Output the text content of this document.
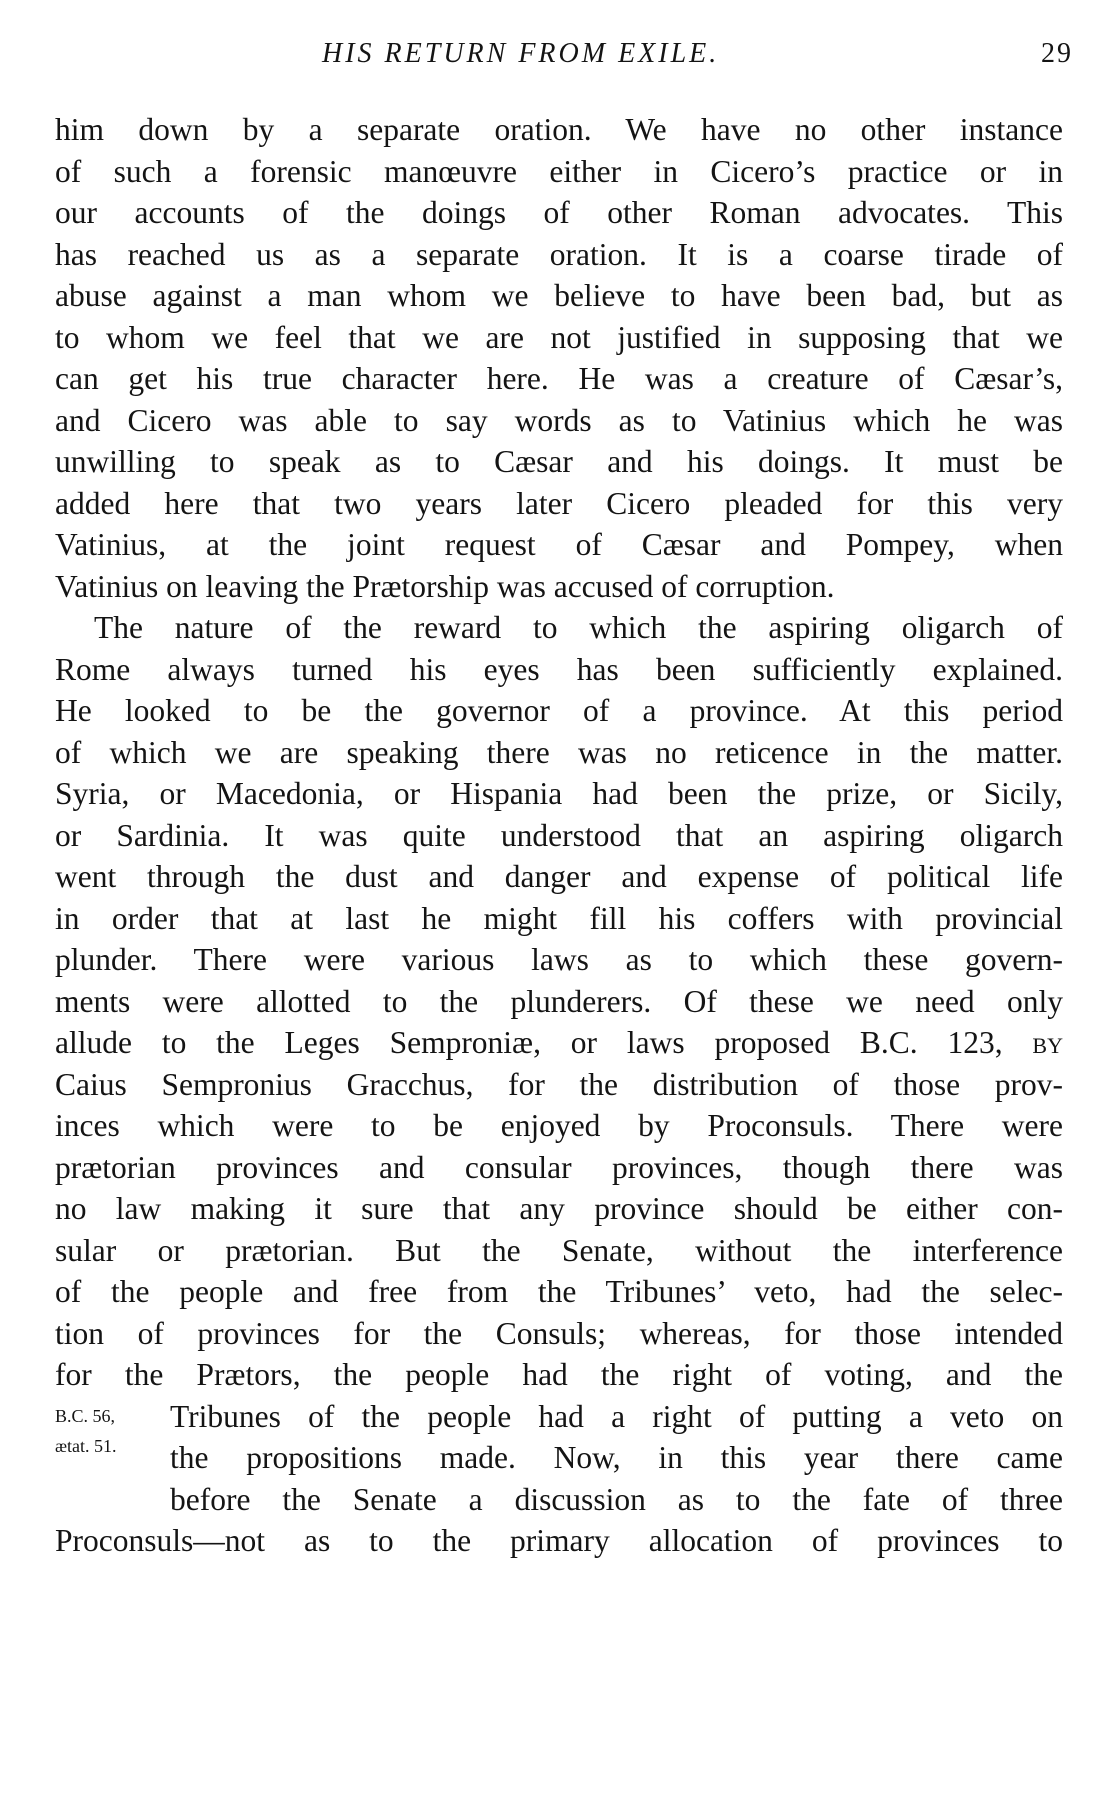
HIS RETURN FROM EXILE.	29
him down by a separate oration. We have no other instance
of such a forensic manœuvre either in Cicero’s practice or in
our accounts of the doings of other Roman advocates. This
has reached us as a separate oration. It is a coarse tirade of
abuse against a man whom we believe to have been bad, but as
to whom we feel that we are not justified in supposing that we
can get his true character here. He was a creature of Cæsar’s,
and Cicero was able to say words as to Vatinius which he was
unwilling to speak as to Cæsar and his doings. It must be
added here that two years later Cicero pleaded for this very
Vatinius, at the joint request of Cæsar and Pompey, when
Vatinius on leaving the Prætorship was accused of corruption.
The nature of the reward to which the aspiring oligarch of
Rome always turned his eyes has been sufficiently explained.
He looked to be the governor of a province. At this period
of which we are speaking there was no reticence in the matter.
Syria, or Macedonia, or Hispania had been the prize, or Sicily,
or Sardinia. It was quite understood that an aspiring oligarch
went through the dust and danger and expense of political life
in order that at last he might fill his coffers with provincial
plunder. There were various laws as to which these govern-
ments were allotted to the plunderers. Of these we need only
allude to the Leges Semproniæ, or laws proposed B.C. 123, by
Caius Sempronius Gracchus, for the distribution of those prov-
inces which were to be enjoyed by Proconsuls. There were
prætorian provinces and consular provinces, though there was
no law making it sure that any province should be either con-
sular or prætorian. But the Senate, without the interference
of the people and free from the Tribunes’ veto, had the selec-
tion of provinces for the Consuls; whereas, for those intended
for the Prætors, the people had the right of voting, and the
Tribunes of the people had a right of putting a veto on
the propositions made. Now, in this year there came
before the Senate a discussion as to the fate of three
Proconsuls—not as to the primary allocation of provinces to
B.C. 56,
ætat. 51.
